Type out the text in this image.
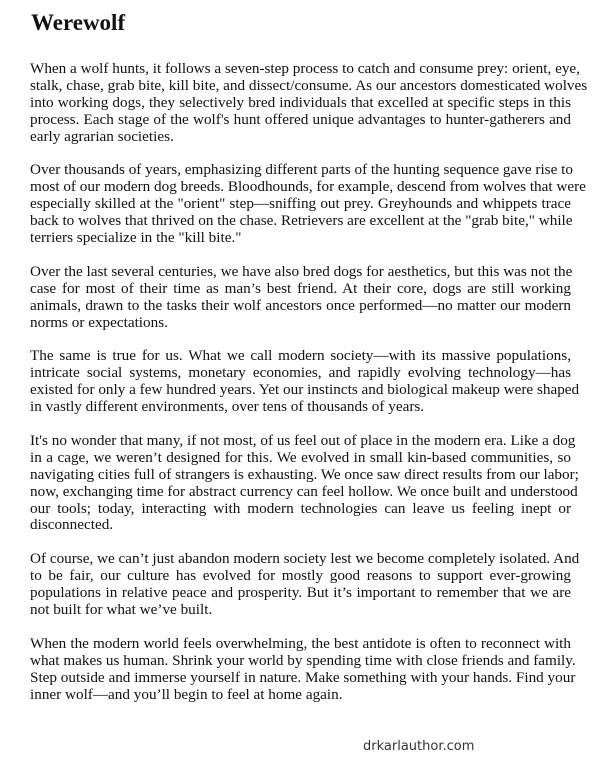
Werewolf

When a wolf hunts, it follows a seven-step process to catch and consume prey: orient, eye,
stalk, chase, grab bite, kill bite, and dissect/consume. As our ancestors domesticated wolves
into working dogs, they selectively bred individuals that excelled at specific steps in this
process. Each stage of the wolf's hunt offered unique advantages to hunter-gatherers and
early agrarian societies.

Over thousands of years, emphasizing different parts of the hunting sequence gave rise to
most of our modern dog breeds. Bloodhounds, for example, descend from wolves that were
especially skilled at the "orient" step—sniffing out prey. Greyhounds and whippets trace
back to wolves that thrived on the chase. Retrievers are excellent at the "grab bite," while
terriers specialize in the "kill bite."

Over the last several centuries, we have also bred dogs for aesthetics, but this was not the
case for most of their time as man’s best friend. At their core, dogs are still working
animals, drawn to the tasks their wolf ancestors once performed—no matter our modern
norms or expectations.

The same is true for us. What we call modern society—with its massive populations,
intricate social systems, monetary economies, and rapidly evolving technology—has
existed for only a few hundred years. Yet our instincts and biological makeup were shaped
in vastly different environments, over tens of thousands of years.

It's no wonder that many, if not most, of us feel out of place in the modern era. Like a dog
in a cage, we weren’t designed for this. We evolved in small kin-based communities, so
navigating cities full of strangers is exhausting. We once saw direct results from our labor;
now, exchanging time for abstract currency can feel hollow. We once built and understood
our tools; today, interacting with modern technologies can leave us feeling inept or
disconnected.

Of course, we can’t just abandon modern society lest we become completely isolated. And
to be fair, our culture has evolved for mostly good reasons to support ever-growing
populations in relative peace and prosperity. But it’s important to remember that we are
not built for what we’ve built.

When the modern world feels overwhelming, the best antidote is often to reconnect with
what makes us human. Shrink your world by spending time with close friends and family.
Step outside and immerse yourself in nature. Make something with your hands. Find your
inner wolf—and you’ll begin to feel at home again.

drkarlauthor.com
